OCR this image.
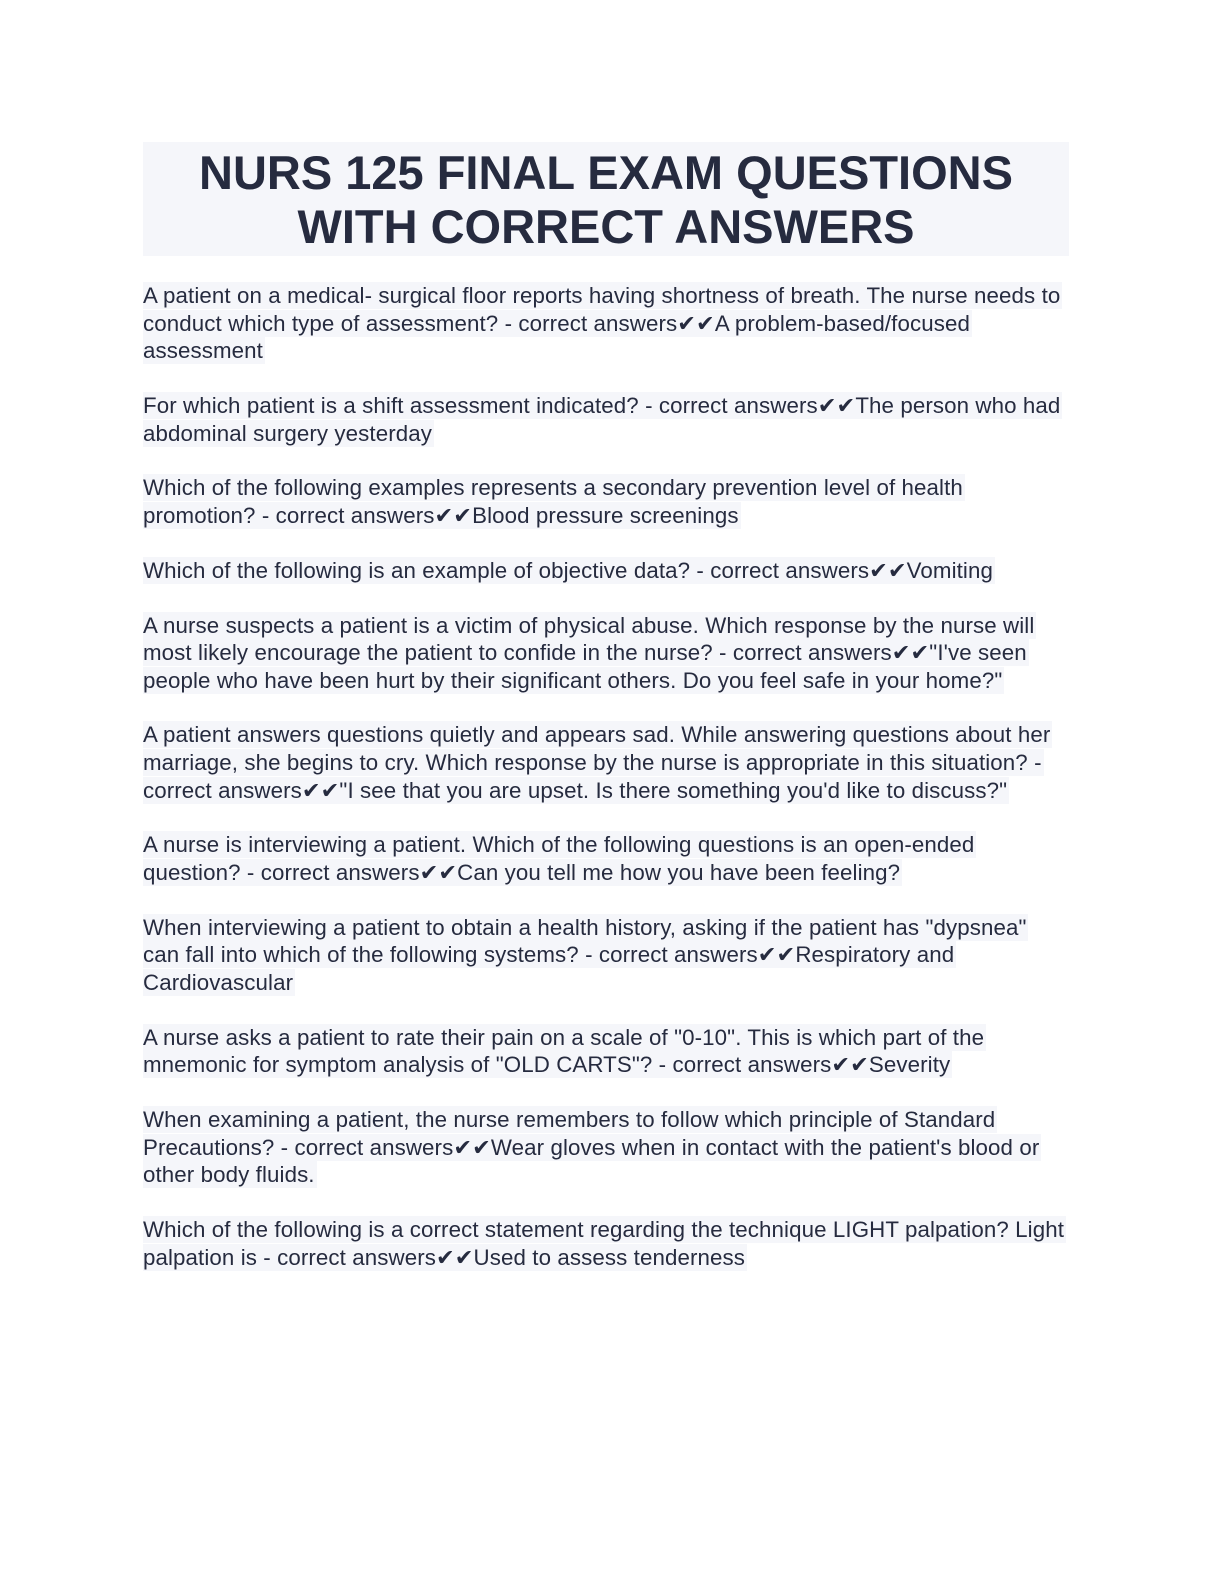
NURS 125 FINAL EXAM QUESTIONS
WITH CORRECT ANSWERS

A patient on a medical- surgical floor reports having shortness of breath. The nurse needs to conduct which type of assessment? - correct answers✔✔A problem-based/focused assessment

For which patient is a shift assessment indicated? - correct answers✔✔The person who had abdominal surgery yesterday

Which of the following examples represents a secondary prevention level of health promotion? - correct answers✔✔Blood pressure screenings

Which of the following is an example of objective data? - correct answers✔✔Vomiting

A nurse suspects a patient is a victim of physical abuse. Which response by the nurse will most likely encourage the patient to confide in the nurse? - correct answers✔✔"I've seen people who have been hurt by their significant others. Do you feel safe in your home?"

A patient answers questions quietly and appears sad. While answering questions about her marriage, she begins to cry. Which response by the nurse is appropriate in this situation? - correct answers✔✔"I see that you are upset. Is there something you'd like to discuss?"

A nurse is interviewing a patient. Which of the following questions is an open-ended question? - correct answers✔✔Can you tell me how you have been feeling?

When interviewing a patient to obtain a health history, asking if the patient has "dypsnea" can fall into which of the following systems? - correct answers✔✔Respiratory and Cardiovascular

A nurse asks a patient to rate their pain on a scale of "0-10". This is which part of the mnemonic for symptom analysis of "OLD CARTS"? - correct answers✔✔Severity

When examining a patient, the nurse remembers to follow which principle of Standard Precautions? - correct answers✔✔Wear gloves when in contact with the patient's blood or other body fluids.

Which of the following is a correct statement regarding the technique LIGHT palpation? Light palpation is - correct answers✔✔Used to assess tenderness
